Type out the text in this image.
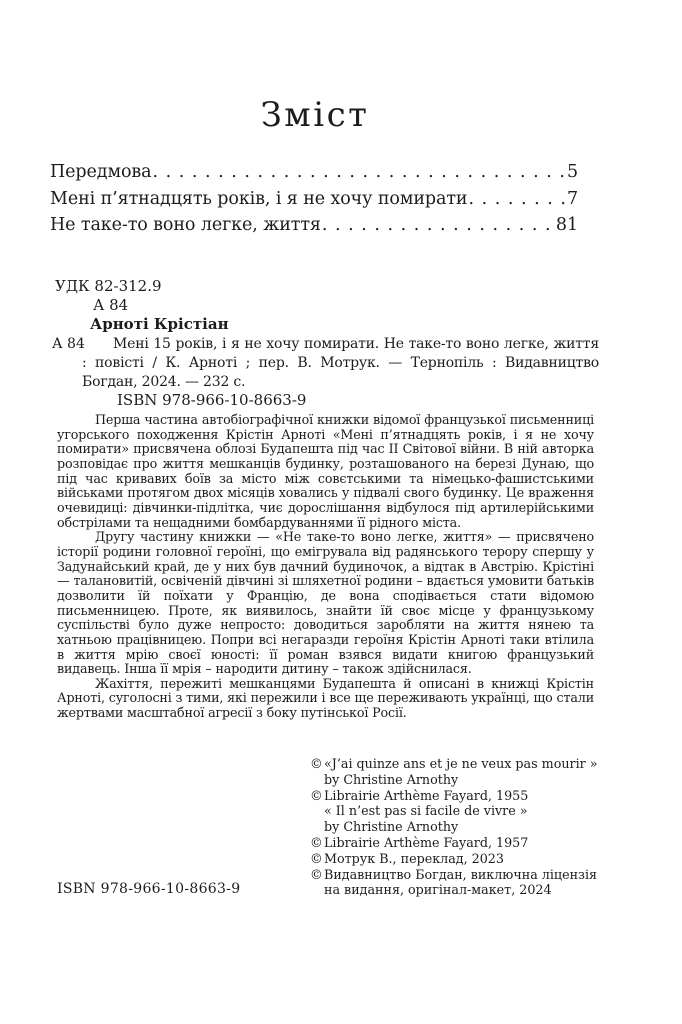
Зміст
Передмова . . .	5
Мені п’ятнадцять років, і я не хочу помирати . . .	7
Не таке-то воно легке, життя . . .	81
УДК 82-312.9
А 84
Арноті Крістіан
А 84	Мені 15 років, і я не хочу помирати. Не таке-то воно легке, життя : повісті / К. Арноті ; пер. В. Мотрук. — Тернопіль : Видавництво Богдан, 2024. — 232 с.
ISBN 978-966-10-8663-9

Перша частина автобіографічної книжки відомої французької письменниці угорського походження Крістін Арноті «Мені п’ятнадцять років, і я не хочу помирати» присвячена облозі Будапешта під час ІІ Світової війни. В ній авторка розповідає про життя мешканців будинку, розташованого на березі Дунаю, що під час кривавих боїв за місто між совєтськими та німецько-фашистськими військами протягом двох місяців ховались у підвалі свого будинку. Це враження очевидиці: дівчинки-підлітка, чиє дорослішання відбулося під артилерійськими обстрілами та нещадними бомбардуваннями її рідного міста.

Другу частину книжки — «Не таке-то воно легке, життя» — присвячено історії родини головної героїні, що емігрувала від радянського терору спершу у Задунайський край, де у них був дачний будиночок, а відтак в Австрію. Крістіні — талановитій, освіченій дівчині зі шляхетної родини – вдається умовити батьків дозволити їй поїхати у Францію, де вона сподівається стати відомою письменницею. Проте, як виявилось, знайти їй своє місце у французькому суспільстві було дуже непросто: доводиться заробляти на життя нянею та хатньою працівницею. Попри всі негаразди героїня Крістін Арноті таки втілила в життя мрію своєї юності: її роман взявся видати книгою французький видавець. Інша її мрія – народити дитину – також здійснилася.

Жахіття, пережиті мешканцями Будапешта й описані в книжці Крістін Арноті, суголосні з тими, які пережили і все ще переживають українці, що стали жертвами масштабної агресії з боку путінської Росії.

© «J’ai quinze ans et je ne veux pas mourir »
by Christine Arnothy
© Librairie Arthème Fayard, 1955
« Il n’est pas si facile de vivre »
by Christine Arnothy
© Librairie Arthème Fayard, 1957
© Мотрук В., переклад, 2023
© Видавництво Богдан, виключна ліцензія
на видання, оригінал-макет, 2024
ISBN 978-966-10-8663-9
